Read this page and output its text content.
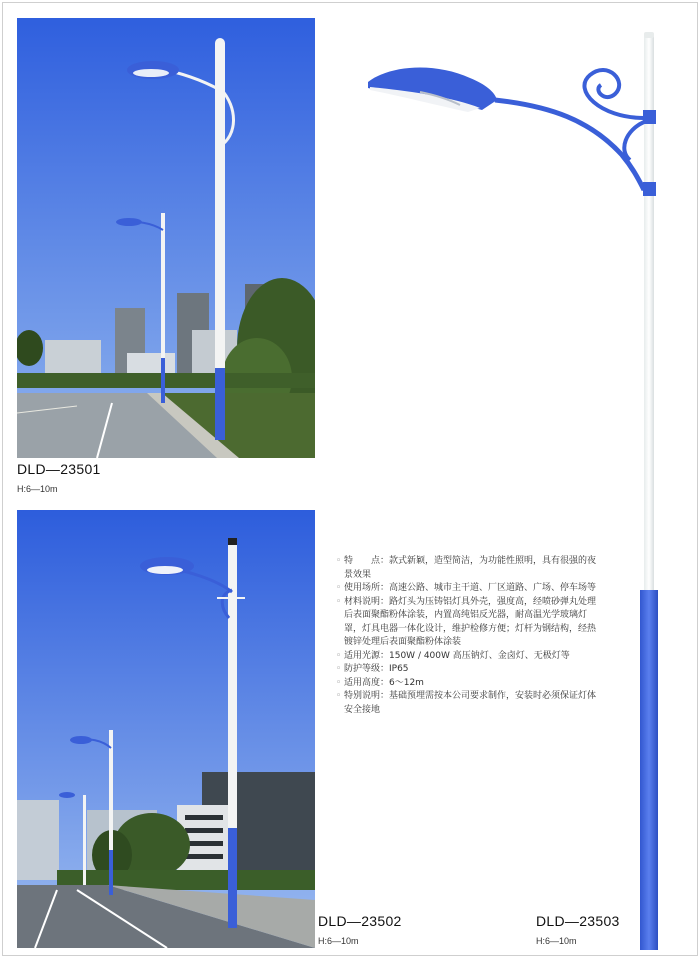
DLD—23501
H:6—10m
DLD—23502
H:6—10m
◦ 特　　点：款式新颖，造型简洁，为功能性照明，具有很强的夜景效果
◦ 使用场所：高速公路、城市主干道、厂区道路、广场、停车场等
◦ 材料说明：路灯头为压铸铝灯具外壳，强度高，经喷砂弹丸处理后表面聚酯粉体涂装，内置高纯铝反光器，耐高温光学玻璃灯罩，灯具电器一体化设计，维护检修方便；灯杆为钢结构，经热镀锌处理后表面聚酯粉体涂装
◦ 适用光源：150W / 400W 高压钠灯、金卤灯、无极灯等
◦ 防护等级：IP65
◦ 适用高度：6～12m
◦ 特别说明：基础预埋需按本公司要求制作，安装时必须保证灯体安全接地
DLD—23503
H:6—10m
